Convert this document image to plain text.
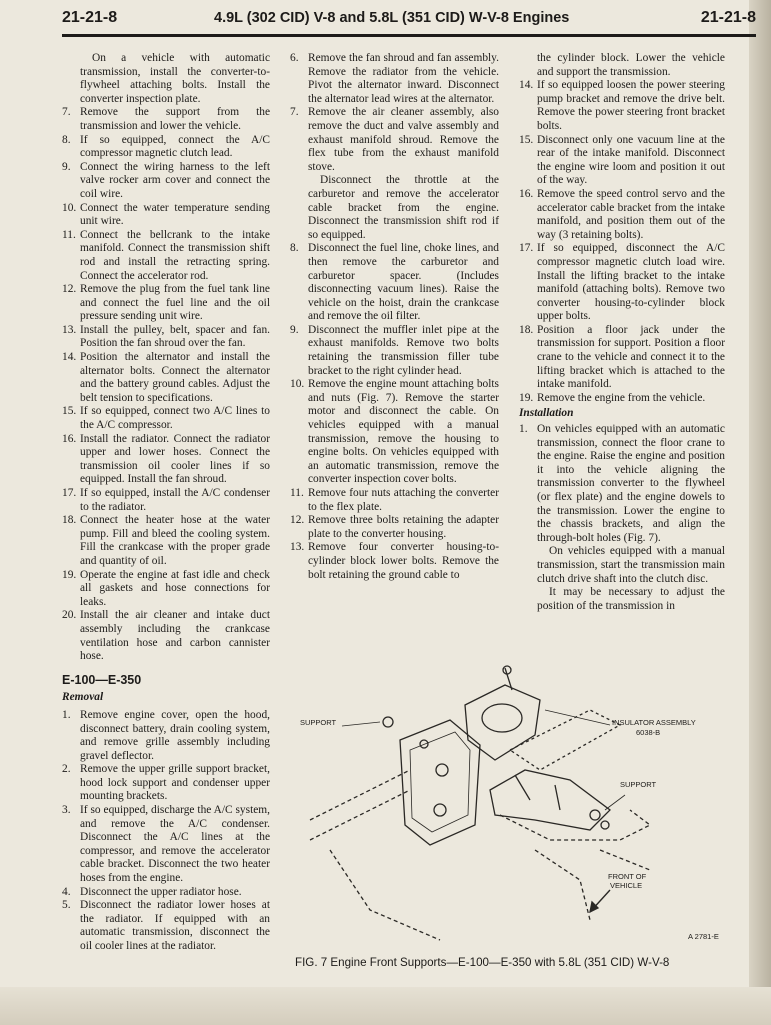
21-21-8	4.9L (302 CID) V-8 and 5.8L (351 CID) W-V-8 Engines	21-21-8

On a vehicle with automatic transmission, install the converter-to-flywheel attaching bolts. Install the converter inspection plate.

7. Remove the support from the transmission and lower the vehicle.
8. If so equipped, connect the A/C compressor magnetic clutch lead.
9. Connect the wiring harness to the left valve rocker arm cover and connect the coil wire.
10. Connect the water temperature sending unit wire.
11. Connect the bellcrank to the intake manifold. Connect the transmission shift rod and install the retracting spring. Connect the accelerator rod.
12. Remove the plug from the fuel tank line and connect the fuel line and the oil pressure sending unit wire.
13. Install the pulley, belt, spacer and fan. Position the fan shroud over the fan.
14. Position the alternator and install the alternator bolts. Connect the alternator and the battery ground cables. Adjust the belt tension to specifications.
15. If so equipped, connect two A/C lines to the A/C compressor.
16. Install the radiator. Connect the radiator upper and lower hoses. Connect the transmission oil cooler lines if so equipped. Install the fan shroud.
17. If so equipped, install the A/C condenser to the radiator.
18. Connect the heater hose at the water pump. Fill and bleed the cooling system. Fill the crankcase with the proper grade and quantity of oil.
19. Operate the engine at fast idle and check all gaskets and hose connections for leaks.
20. Install the air cleaner and intake duct assembly including the crankcase ventilation hose and carbon cannister hose.
E-100—E-350
Removal
1. Remove engine cover, open the hood, disconnect battery, drain cooling system, and remove grille assembly including gravel deflector.
2. Remove the upper grille support bracket, hood lock support and condenser upper mounting brackets.
3. If so equipped, discharge the A/C system, and remove the A/C condenser. Disconnect the A/C lines at the compressor, and remove the accelerator cable bracket. Disconnect the two heater hoses from the engine.
4. Disconnect the upper radiator hose.
5. Disconnect the radiator lower hoses at the radiator. If equipped with an automatic transmission, disconnect the oil cooler lines at the radiator.
6. Remove the fan shroud and fan assembly. Remove the radiator from the vehicle. Pivot the alternator inward. Disconnect the alternator lead wires at the alternator.
7. Remove the air cleaner assembly, also remove the duct and valve assembly and exhaust manifold shroud. Remove the flex tube from the exhaust manifold stove.

Disconnect the throttle at the carburetor and remove the accelerator cable bracket from the engine. Disconnect the transmission shift rod if so equipped.

8. Disconnect the fuel line, choke lines, and then remove the carburetor and carburetor spacer. (Includes disconnecting vacuum lines). Raise the vehicle on the hoist, drain the crankcase and remove the oil filter.
9. Disconnect the muffler inlet pipe at the exhaust manifolds. Remove two bolts retaining the transmission filler tube bracket to the right cylinder head.
10. Remove the engine mount attaching bolts and nuts (Fig. 7). Remove the starter motor and disconnect the cable. On vehicles equipped with a manual transmission, remove the housing to engine bolts. On vehicles equipped with an automatic transmission, remove the converter inspection cover bolts.
11. Remove four nuts attaching the converter to the flex plate.
12. Remove three bolts retaining the adapter plate to the converter housing.
13. Remove four converter housing-to-cylinder block lower bolts. Remove the bolt retaining the ground cable to

the cylinder block. Lower the vehicle and support the transmission.

14. If so equipped loosen the power steering pump bracket and remove the drive belt. Remove the power steering front bracket bolts.
15. Disconnect only one vacuum line at the rear of the intake manifold. Disconnect the engine wire loom and position it out of the way.
16. Remove the speed control servo and the accelerator cable bracket from the intake manifold, and position them out of the way (3 retaining bolts).
17. If so equipped, disconnect the A/C compressor magnetic clutch load wire. Install the lifting bracket to the intake manifold (attaching bolts). Remove two converter housing-to-cylinder block upper bolts.
18. Position a floor jack under the transmission for support. Position a floor crane to the vehicle and connect it to the lifting bracket which is attached to the intake manifold.
19. Remove the engine from the vehicle.
Installation
1. On vehicles equipped with an automatic transmission, connect the floor crane to the engine. Raise the engine and position it into the vehicle aligning the transmission converter to the flywheel (or flex plate) and the engine dowels to the transmission. Lower the engine to the chassis brackets, and align the through-bolt holes (Fig. 7).

On vehicles equipped with a manual transmission, start the transmission main clutch drive shaft into the clutch disc.

It may be necessary to adjust the position of the transmission in

SUPPORT	INSULATOR ASSEMBLY
6038-B
SUPPORT
FRONT OF
VEHICLE
A 2781-E
FIG. 7 Engine Front Supports—E-100—E-350 with 5.8L (351 CID) W-V-8
